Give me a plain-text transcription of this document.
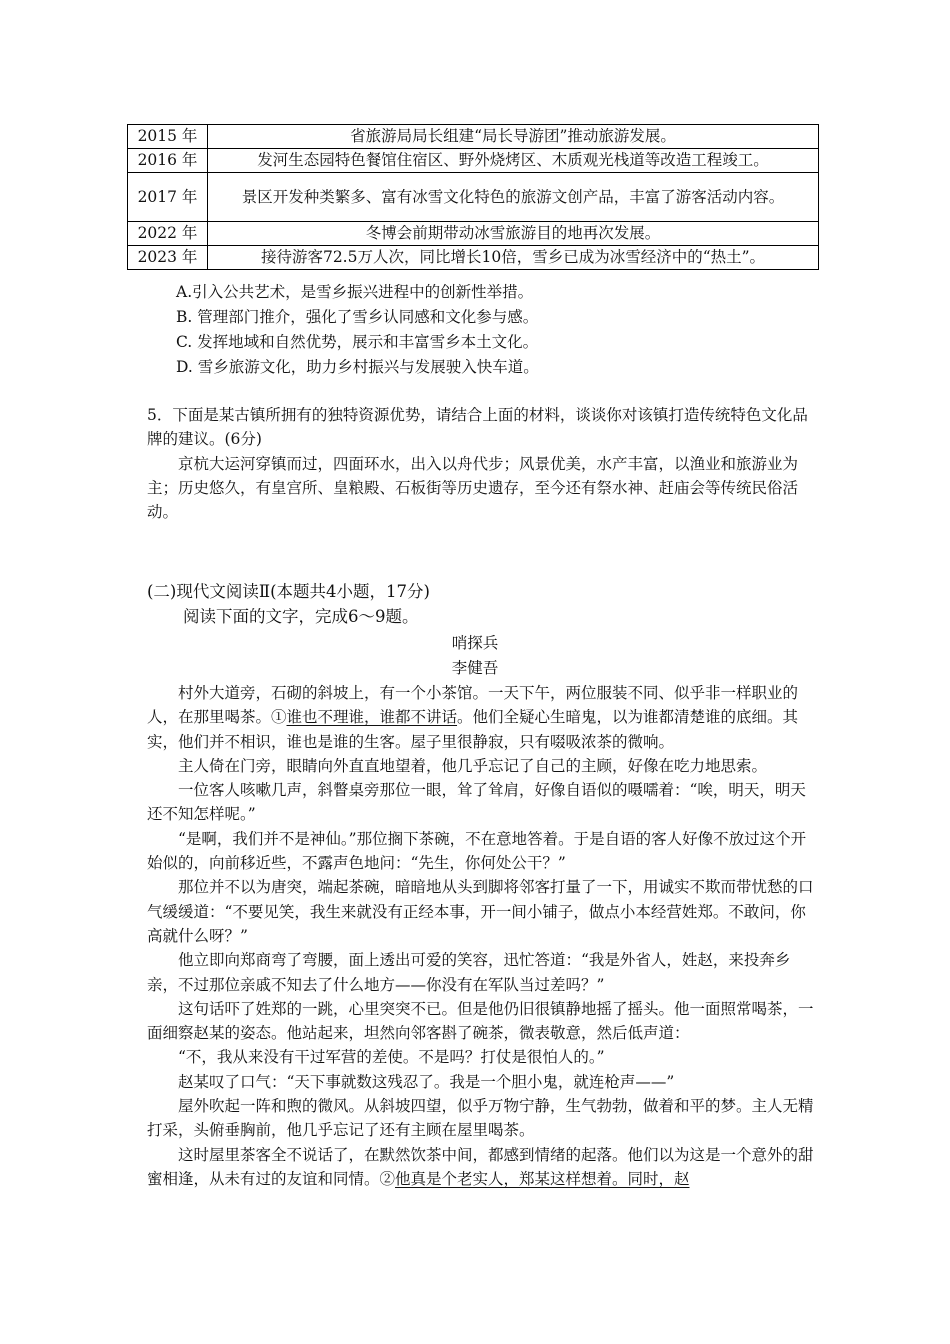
2015 年	省旅游局局长组建“局长导游团”推动旅游发展。
2016 年	发河生态园特色餐馆住宿区、野外烧烤区、木质观光栈道等改造工程竣工。
2017 年	景区开发种类繁多、富有冰雪文化特色的旅游文创产品，丰富了游客活动内容。
2022 年	冬博会前期带动冰雪旅游目的地再次发展。
2023 年	接待游客72.5万人次，同比增长10倍，雪乡已成为冰雪经济中的“热土”。
A.引入公共艺术，是雪乡振兴进程中的创新性举措。
B. 管理部门推介，强化了雪乡认同感和文化参与感。
C. 发挥地域和自然优势，展示和丰富雪乡本土文化。
D. 雪乡旅游文化，助力乡村振兴与发展驶入快车道。

5．下面是某古镇所拥有的独特资源优势，请结合上面的材料，谈谈你对该镇打造传统特色文化品牌的建议。(6分)

京杭大运河穿镇而过，四面环水，出入以舟代步；风景优美，水产丰富，以渔业和旅游业为主；历史悠久，有皇宫所、皇粮殿、石板街等历史遗存，至今还有祭水神、赶庙会等传统民俗活动。

(二)现代文阅读Ⅱ(本题共4小题，17分)
阅读下面的文字，完成6～9题。
哨探兵
李健吾

村外大道旁，石砌的斜坡上，有一个小茶馆。一天下午，两位服装不同、似乎非一样职业的人，在那里喝茶。①谁也不理谁，谁都不讲话。他们全疑心生暗鬼，以为谁都清楚谁的底细。其实，他们并不相识，谁也是谁的生客。屋子里很静寂，只有啜吸浓茶的微响。

主人倚在门旁，眼睛向外直直地望着，他几乎忘记了自己的主顾，好像在吃力地思索。

一位客人咳嗽几声，斜瞥桌旁那位一眼，耸了耸肩，好像自语似的嗫嚅着：“唉，明天，明天还不知怎样呢。”

“是啊，我们并不是神仙。”那位搁下茶碗，不在意地答着。于是自语的客人好像不放过这个开始似的，向前移近些，不露声色地问：“先生，你何处公干？”

那位并不以为唐突，端起茶碗，暗暗地从头到脚将邻客打量了一下，用诚实不欺而带忧愁的口气缓缓道：“不要见笑，我生来就没有正经本事，开一间小铺子，做点小本经营姓郑。不敢问，你高就什么呀？”

他立即向郑商弯了弯腰，面上透出可爱的笑容，迅忙答道：“我是外省人，姓赵，来投奔乡亲，不过那位亲戚不知去了什么地方——你没有在军队当过差吗？”

这句话吓了姓郑的一跳，心里突突不已。但是他仍旧很镇静地摇了摇头。他一面照常喝茶，一面细察赵某的姿态。他站起来，坦然向邻客斟了碗茶，微表敬意，然后低声道：

“不，我从来没有干过军营的差使。不是吗？打仗是很怕人的。”

赵某叹了口气：“天下事就数这残忍了。我是一个胆小鬼，就连枪声——”

屋外吹起一阵和煦的微风。从斜坡四望，似乎万物宁静，生气勃勃，做着和平的梦。主人无精打采，头俯垂胸前，他几乎忘记了还有主顾在屋里喝茶。

这时屋里茶客全不说话了，在默然饮茶中间，都感到情绪的起落。他们以为这是一个意外的甜蜜相逢，从未有过的友谊和同情。②他真是个老实人，郑某这样想着。同时，赵
